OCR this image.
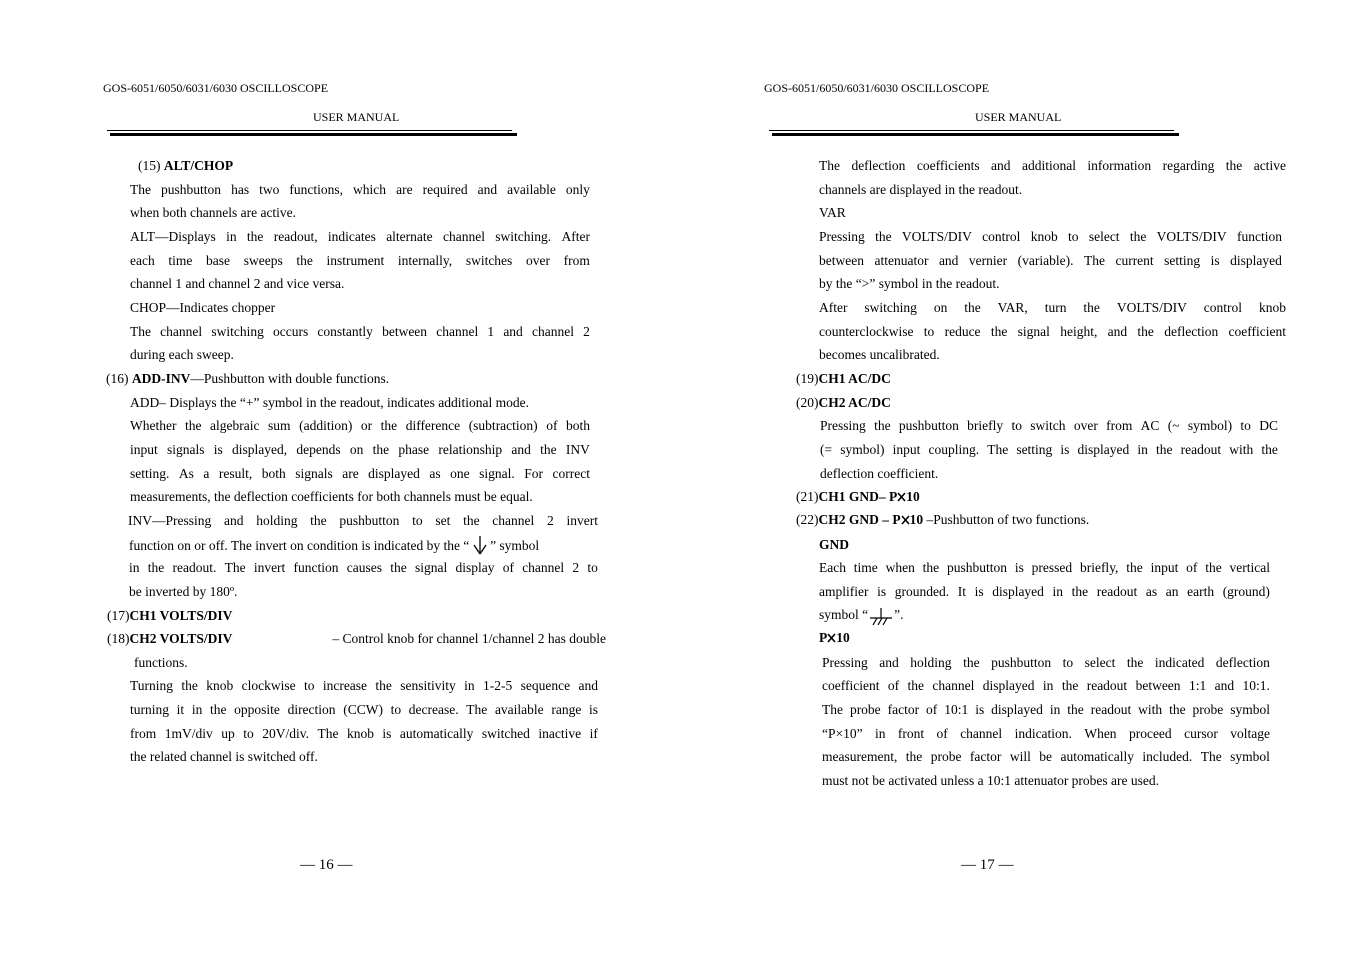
GOS-6051/6050/6031/6030 OSCILLOSCOPE
USER MANUAL
(15) ALT/CHOP
The pushbutton has two functions, which are required and available only
when both channels are active.
ALT—Displays in the readout, indicates alternate channel switching. After
each time base sweeps the instrument internally, switches over from
channel 1 and channel 2 and vice versa.
CHOP—Indicates chopper
The channel switching occurs constantly between channel 1 and channel 2
during each sweep.
(16) ADD-INV—Pushbutton with double functions.
ADD– Displays the “+” symbol in the readout, indicates additional mode.
Whether the algebraic sum (addition) or the difference (subtraction) of both
input signals is displayed, depends on the phase relationship and the INV
setting. As a result, both signals are displayed as one signal. For correct
measurements, the deflection coefficients for both channels must be equal.
INV—Pressing and holding the pushbutton to set the channel 2 invert
function on or off. The invert on condition is indicated by the “ ” symbol
in the readout. The invert function causes the signal display of channel 2 to
be inverted by 180º.
(17)CH1 VOLTS/DIV
(18)CH2 VOLTS/DIV	– Control knob for channel 1/channel 2 has double
functions.
Turning the knob clockwise to increase the sensitivity in 1-2-5 sequence and
turning it in the opposite direction (CCW) to decrease. The available range is
from 1mV/div up to 20V/div. The knob is automatically switched inactive if
the related channel is switched off.
— 16 —
GOS-6051/6050/6031/6030 OSCILLOSCOPE
USER MANUAL
The deflection coefficients and additional information regarding the active
channels are displayed in the readout.
VAR
Pressing the VOLTS/DIV control knob to select the VOLTS/DIV function
between attenuator and vernier (variable). The current setting is displayed
by the “>” symbol in the readout.
After switching on the VAR, turn the VOLTS/DIV control knob
counterclockwise to reduce the signal height, and the deflection coefficient
becomes uncalibrated.
(19)CH1 AC/DC
(20)CH2 AC/DC
Pressing the pushbutton briefly to switch over from AC (~ symbol) to DC
(= symbol) input coupling. The setting is displayed in the readout with the
deflection coefficient.
(21)CH1 GND– P 10
(22)CH2 GND – P 10 –Pushbutton of two functions.
GND
Each time when the pushbutton is pressed briefly, the input of the vertical
amplifier is grounded. It is displayed in the readout as an earth (ground)
symbol “ ”.
P 10
Pressing and holding the pushbutton to select the indicated deflection
coefficient of the channel displayed in the readout between 1:1 and 10:1.
The probe factor of 10:1 is displayed in the readout with the probe symbol
“P×10” in front of channel indication. When proceed cursor voltage
measurement, the probe factor will be automatically included. The symbol
must not be activated unless a 10:1 attenuator probes are used.
— 17 —
